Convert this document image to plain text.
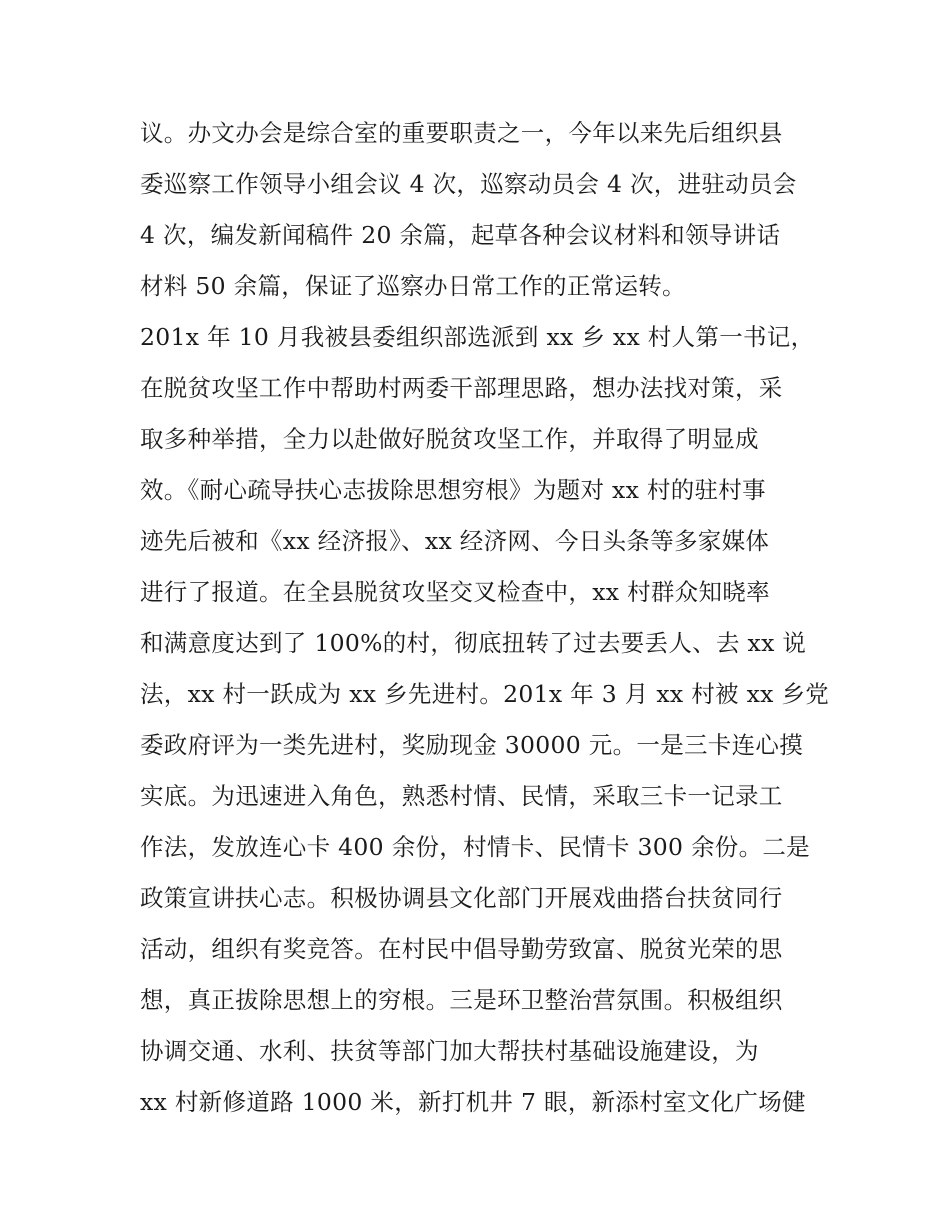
议。办文办会是综合室的重要职责之一，今年以来先后组织县
委巡察工作领导小组会议 4 次，巡察动员会 4 次，进驻动员会
4 次，编发新闻稿件 20 余篇，起草各种会议材料和领导讲话
材料 50 余篇，保证了巡察办日常工作的正常运转。
201x 年 10 月我被县委组织部选派到 xx 乡 xx 村人第一书记，
在脱贫攻坚工作中帮助村两委干部理思路，想办法找对策，采
取多种举措，全力以赴做好脱贫攻坚工作，并取得了明显成
效。《耐心疏导扶心志拔除思想穷根》为题对 xx 村的驻村事
迹先后被和《xx 经济报》、xx 经济网、今日头条等多家媒体
进行了报道。在全县脱贫攻坚交叉检查中，xx 村群众知晓率
和满意度达到了 100%的村，彻底扭转了过去要丢人、去 xx 说
法，xx 村一跃成为 xx 乡先进村。201x 年 3 月 xx 村被 xx 乡党
委政府评为一类先进村，奖励现金 30000 元。一是三卡连心摸
实底。为迅速进入角色，熟悉村情、民情，采取三卡一记录工
作法，发放连心卡 400 余份，村情卡、民情卡 300 余份。二是
政策宣讲扶心志。积极协调县文化部门开展戏曲搭台扶贫同行
活动，组织有奖竞答。在村民中倡导勤劳致富、脱贫光荣的思
想，真正拔除思想上的穷根。三是环卫整治营氛围。积极组织
协调交通、水利、扶贫等部门加大帮扶村基础设施建设，为
xx 村新修道路 1000 米，新打机井 7 眼，新添村室文化广场健
